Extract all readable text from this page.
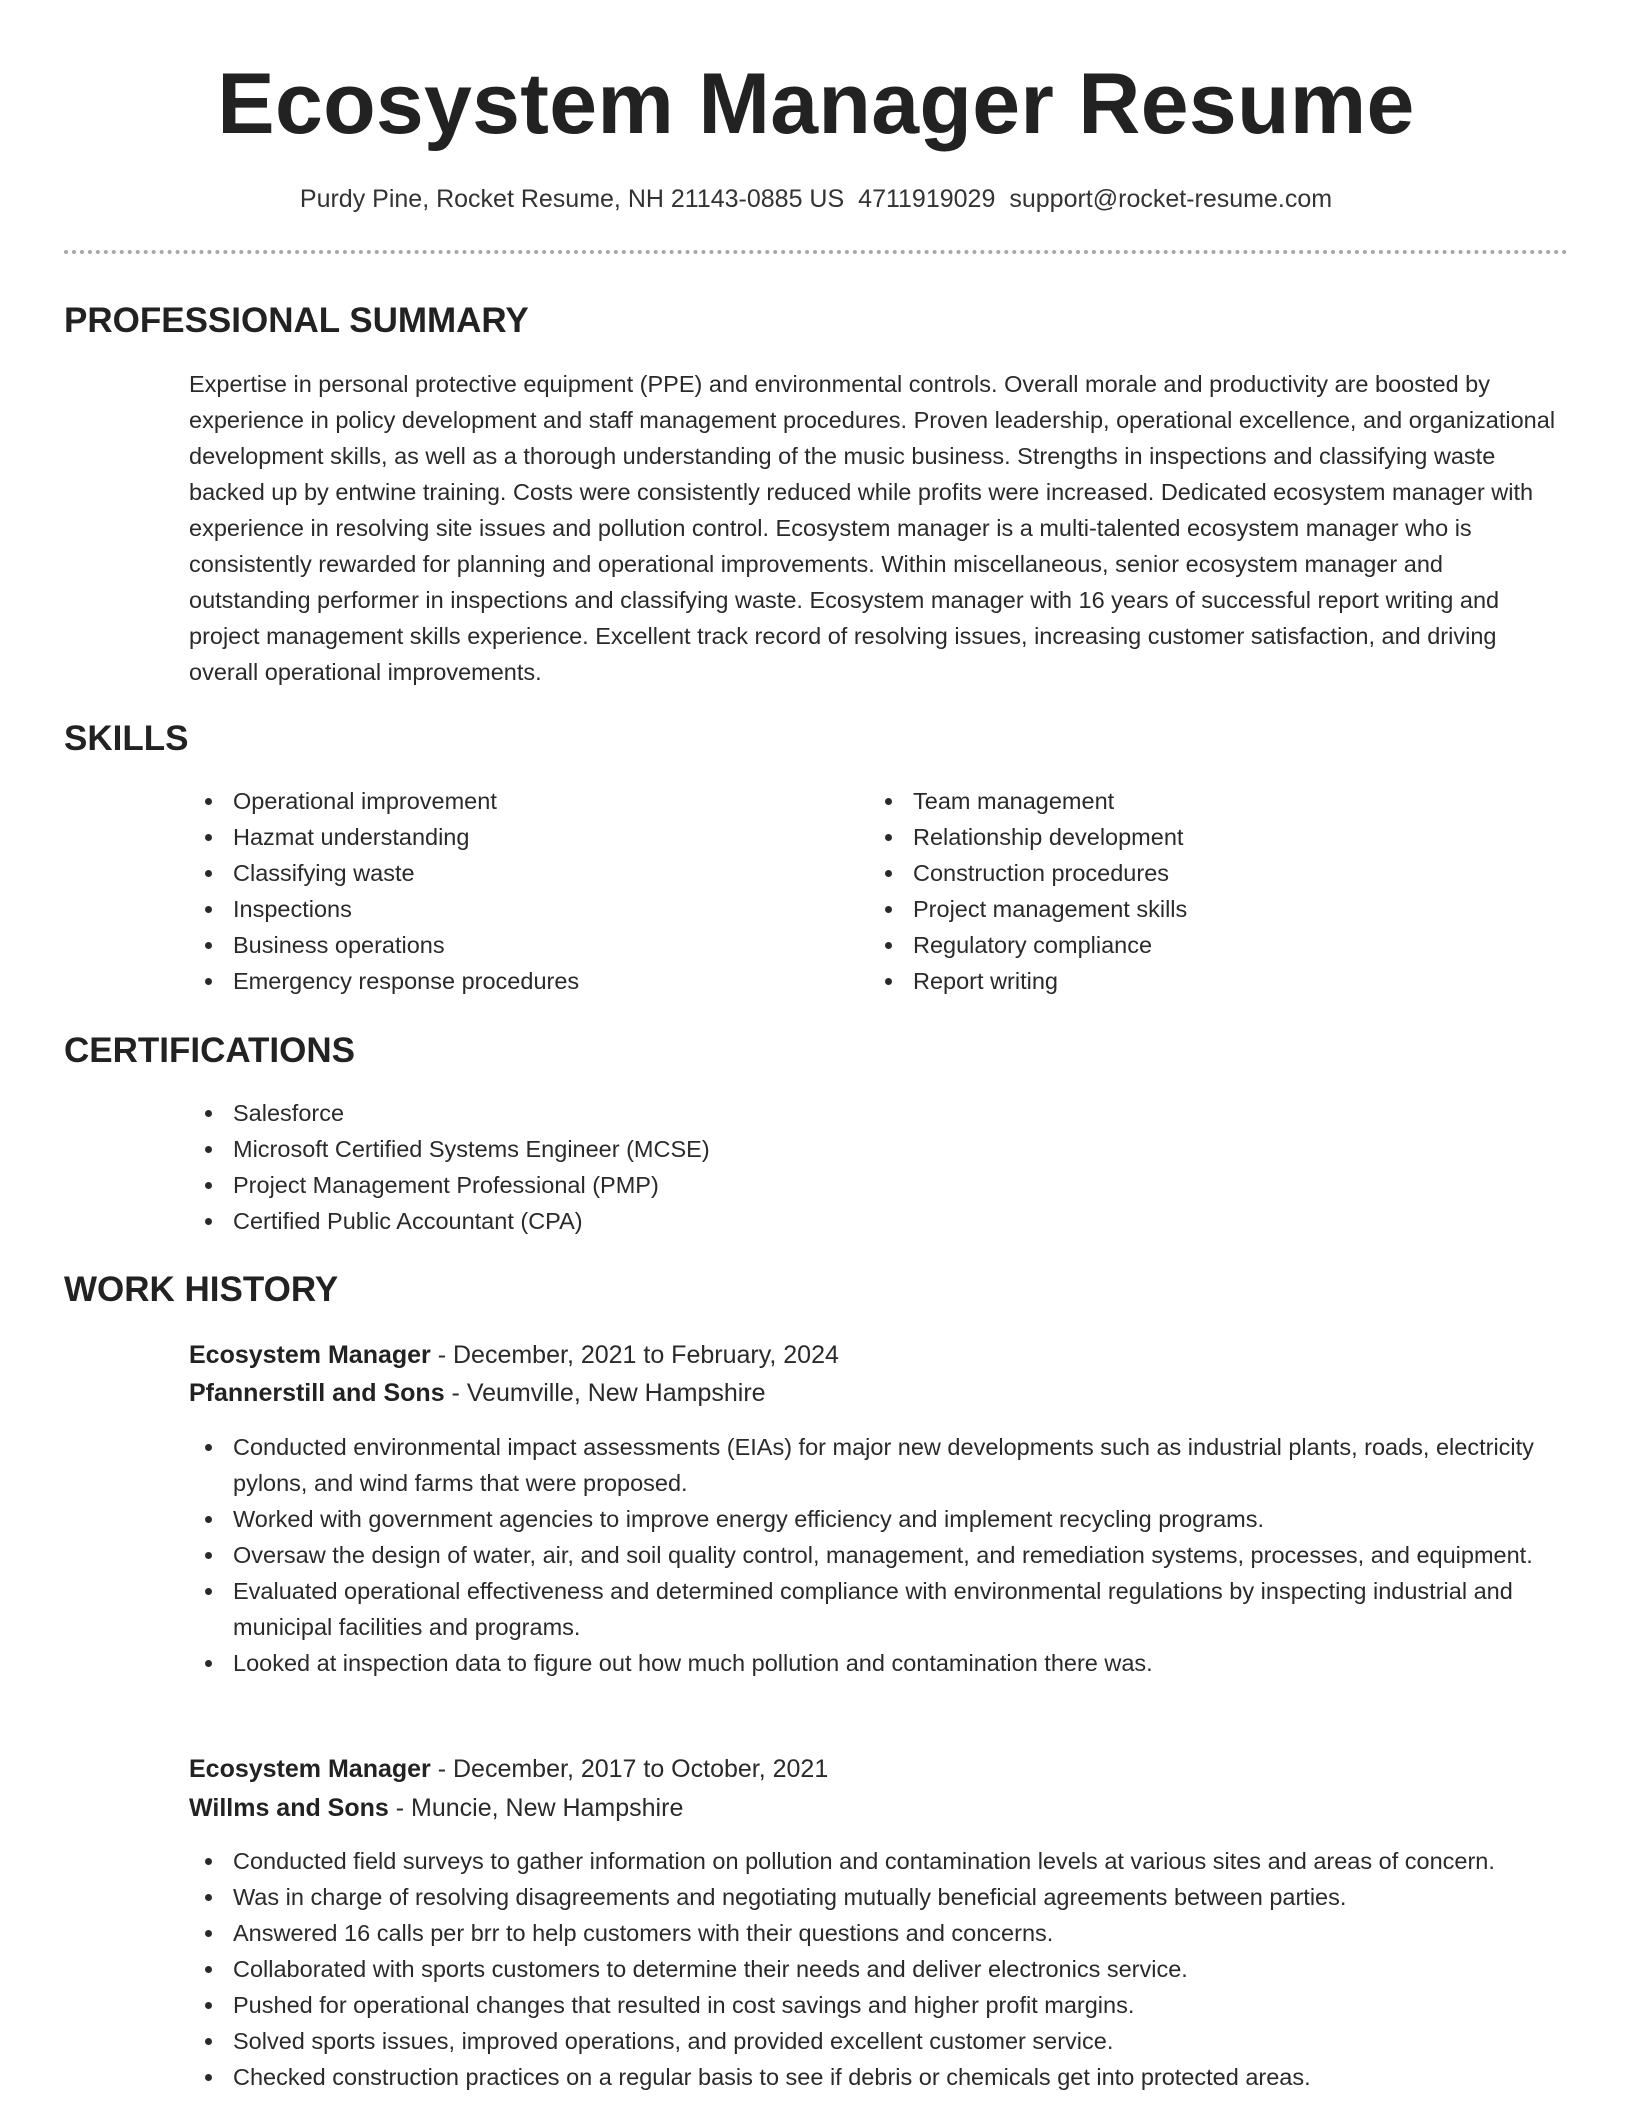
Ecosystem Manager Resume
Purdy Pine, Rocket Resume, NH 21143-0885 US 4711919029 support@rocket-resume.com
PROFESSIONAL SUMMARY

Expertise in personal protective equipment (PPE) and environmental controls. Overall morale and productivity are boosted by experience in policy development and staff management procedures. Proven leadership, operational excellence, and organizational development skills, as well as a thorough understanding of the music business. Strengths in inspections and classifying waste backed up by entwine training. Costs were consistently reduced while profits were increased. Dedicated ecosystem manager with experience in resolving site issues and pollution control. Ecosystem manager is a multi-talented ecosystem manager who is consistently rewarded for planning and operational improvements. Within miscellaneous, senior ecosystem manager and outstanding performer in inspections and classifying waste. Ecosystem manager with 16 years of successful report writing and project management skills experience. Excellent track record of resolving issues, increasing customer satisfaction, and driving overall operational improvements.

SKILLS
Operational improvement
Hazmat understanding
Classifying waste
Inspections
Business operations
Emergency response procedures
Team management
Relationship development
Construction procedures
Project management skills
Regulatory compliance
Report writing
CERTIFICATIONS
Salesforce
Microsoft Certified Systems Engineer (MCSE)
Project Management Professional (PMP)
Certified Public Accountant (CPA)
WORK HISTORY
Ecosystem Manager - December, 2021 to February, 2024
Pfannerstill and Sons - Veumville, New Hampshire
Conducted environmental impact assessments (EIAs) for major new developments such as industrial plants, roads, electricity pylons, and wind farms that were proposed.
Worked with government agencies to improve energy efficiency and implement recycling programs.
Oversaw the design of water, air, and soil quality control, management, and remediation systems, processes, and equipment.
Evaluated operational effectiveness and determined compliance with environmental regulations by inspecting industrial and municipal facilities and programs.
Looked at inspection data to figure out how much pollution and contamination there was.
Ecosystem Manager - December, 2017 to October, 2021
Willms and Sons - Muncie, New Hampshire
Conducted field surveys to gather information on pollution and contamination levels at various sites and areas of concern.
Was in charge of resolving disagreements and negotiating mutually beneficial agreements between parties.
Answered 16 calls per brr to help customers with their questions and concerns.
Collaborated with sports customers to determine their needs and deliver electronics service.
Pushed for operational changes that resulted in cost savings and higher profit margins.
Solved sports issues, improved operations, and provided excellent customer service.
Checked construction practices on a regular basis to see if debris or chemicals get into protected areas.
